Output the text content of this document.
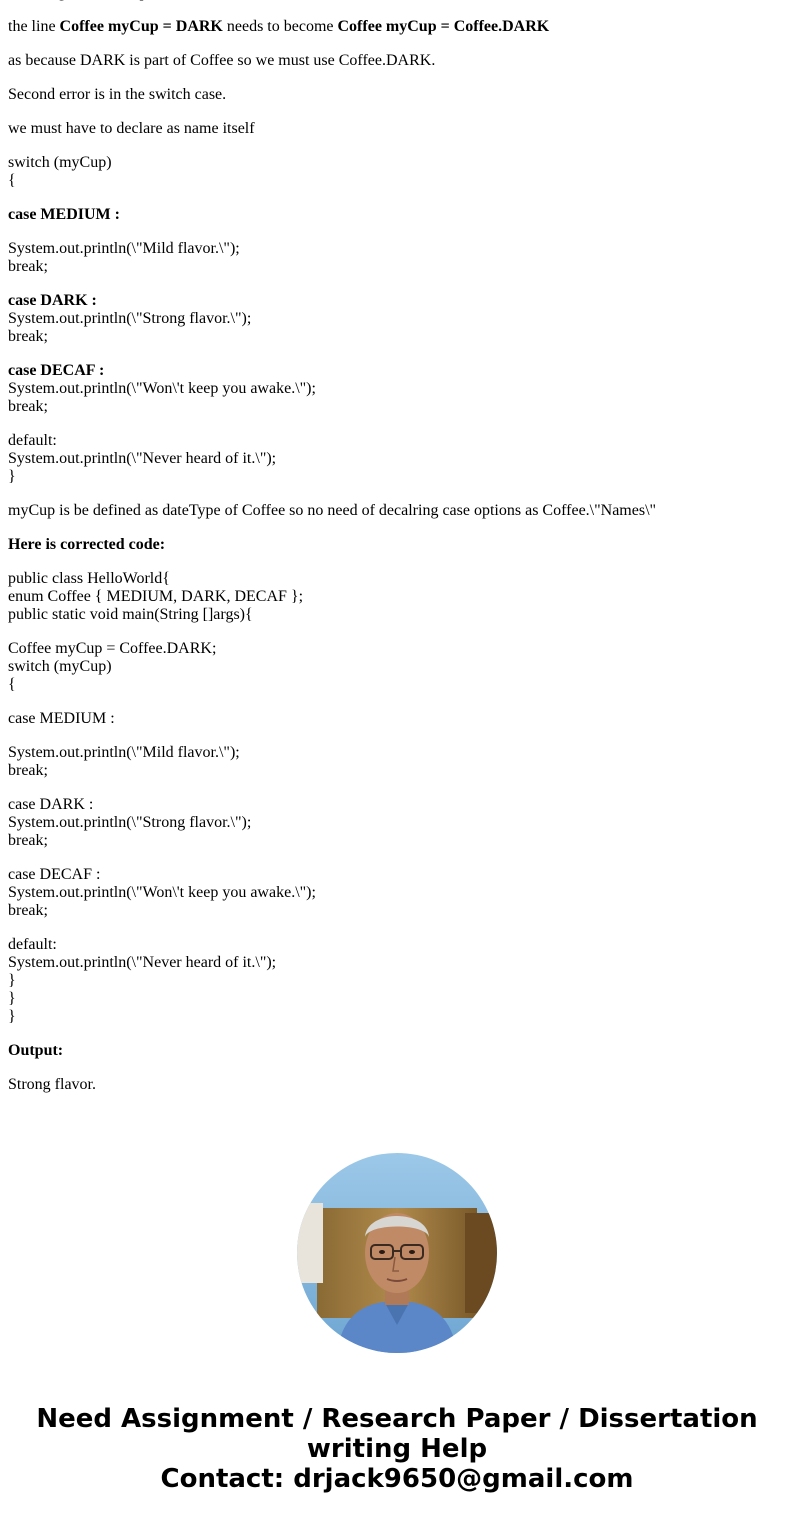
the line Coffee myCup = DARK needs to become Coffee myCup = Coffee.DARK

as because DARK is part of Coffee so we must use Coffee.DARK.

Second error is in the switch case.

we must have to declare as name itself

switch (myCup)
{

case MEDIUM :

System.out.println(\"Mild flavor.\");
break;

case DARK :
System.out.println(\"Strong flavor.\");
break;

case DECAF :
System.out.println(\"Won\'t keep you awake.\");
break;

default:
System.out.println(\"Never heard of it.\");
}

myCup is be defined as dateType of Coffee so no need of decalring case options as Coffee.\"Names\"

Here is corrected code:

public class HelloWorld{
enum Coffee { MEDIUM, DARK, DECAF };
public static void main(String []args){

Coffee myCup = Coffee.DARK;
switch (myCup)
{

case MEDIUM :

System.out.println(\"Mild flavor.\");
break;

case DARK :
System.out.println(\"Strong flavor.\");
break;

case DECAF :
System.out.println(\"Won\'t keep you awake.\");
break;

default:
System.out.println(\"Never heard of it.\");
}
}
}

Output:

Strong flavor.

Need Assignment / Research Paper / Dissertation
writing Help
Contact: drjack9650@gmail.com
